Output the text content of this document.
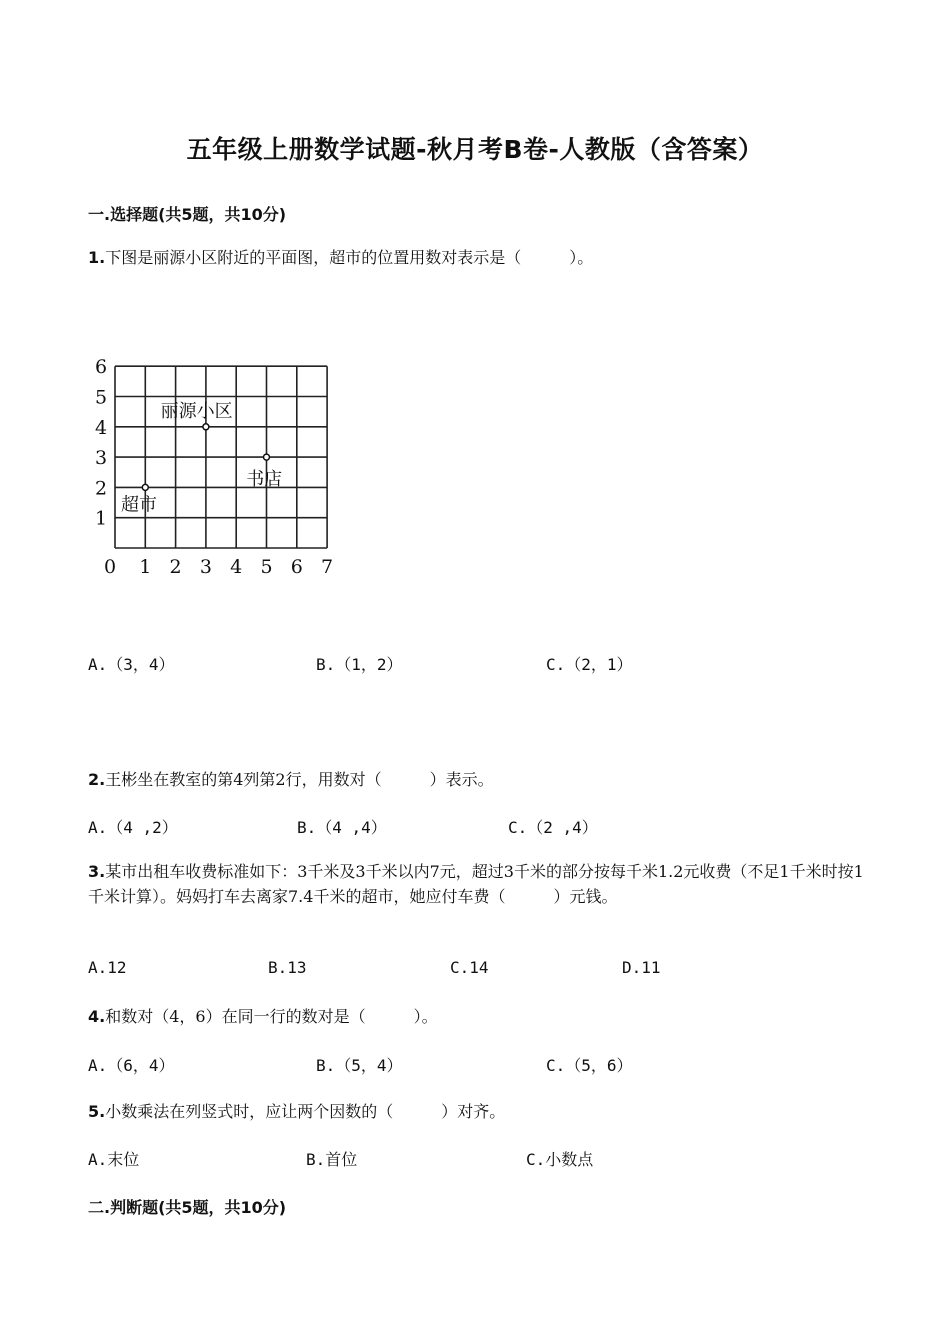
五年级上册数学试题-秋月考B卷-人教版（含答案）
一.选择题(共5题，共10分)
1.下图是丽源小区附近的平面图，超市的位置用数对表示是（　　　）。
0 1 2 3 4 5 6 7
1
2
3
4
5
6
丽源小区
书店
超市
A.（3，4）	B.（1，2）	C.（2，1）
2.王彬坐在教室的第4列第2行，用数对（　　　）表示。
A.（4 ,2）	B.（4 ,4）	C.（2 ,4）
3.某市出租车收费标准如下：3千米及3千米以内7元，超过3千米的部分按每千米1.2元收费（不足1千米时按1千米计算）。妈妈打车去离家7.4千米的超市，她应付车费（　　　）元钱。
A.12	B.13	C.14	D.11
4.和数对（4，6）在同一行的数对是（　　　）。
A.（6，4）	B.（5，4）	C.（5，6）
5.小数乘法在列竖式时，应让两个因数的（　　　）对齐。
A.末位	B.首位	C.小数点
二.判断题(共5题，共10分)
